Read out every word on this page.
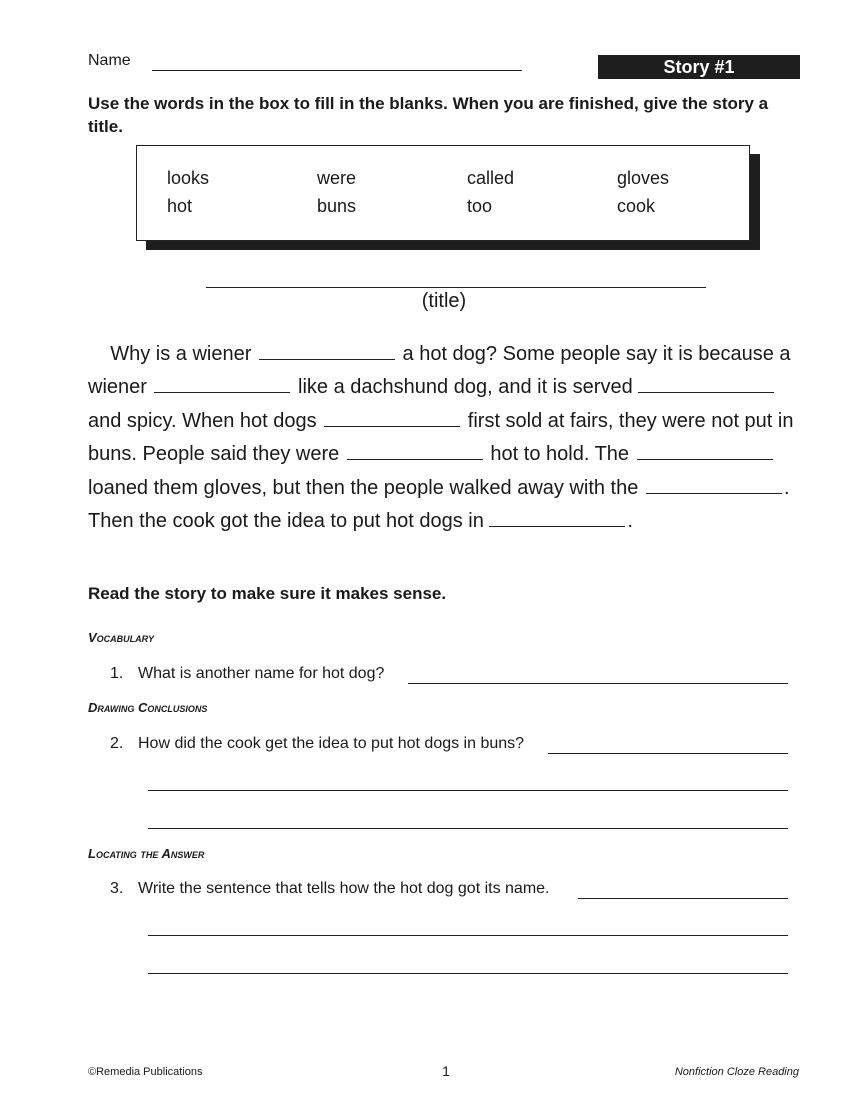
Name	Story #1
Use the words in the box to fill in the blanks. When you are finished, give the story a title.
looks	were	called	gloves
hot	buns	too	cook
(title)

Why is a wiener	a hot dog? Some people say it is because a wiener	like a dachshund dog, and it is served  and spicy. When hot dogs	first sold at fairs, they were not put in buns. People said they were	hot to hold. The  loaned them gloves, but then the people walked away with the	. Then the cook got the idea to put hot dogs in	.

Read the story to make sure it makes sense.
Vocabulary
1. What is another name for hot dog?
Drawing Conclusions
2. How did the cook get the idea to put hot dogs in buns?
Locating the Answer
3. Write the sentence that tells how the hot dog got its name.
©Remedia Publications	1	Nonfiction Cloze Reading
